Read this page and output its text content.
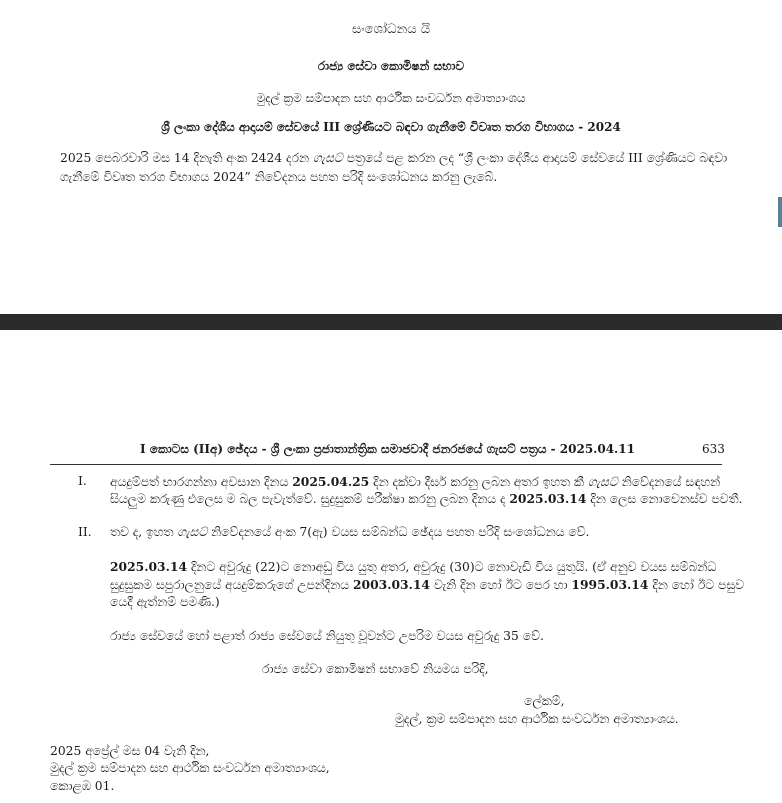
සංශෝධනය යි
රාජ්‍ය සේවා කොමිෂන් සභාව
මුදල් ක්‍රම සම්පාදන සහ ආර්ථික සංවර්ධන අමාත්‍යාංශය
ශ්‍රී ලංකා දේශීය ආදායම් සේවයේ III ශ්‍රේණියට බඳවා ගැනීමේ විවෘත තරග විභාගය - 2024
2025 පෙබරවාරි මස 14 දිනැති අංක 2424 දරන ගැසට් පත්‍රයේ පළ කරන ලද “ශ්‍රී ලංකා දේශීය ආදායම් සේවයේ III ශ්‍රේණියට බඳවා
ගැනීමේ විවෘත තරග විභාගය 2024” නිවේදනය පහත පරිදි සංශෝධනය කරනු ලැබේ.
I කොටස (IIඅ) ඡේදය - ශ්‍රී ලංකා ප්‍රජාතාන්ත්‍රික සමාජවාදී ජනරජයේ ගැසට් පත්‍රය - 2025.04.11	633
I. අයදුම්පත් භාරගන්නා අවසාන දිනය 2025.04.25 දින දක්වා දීර්ඝ කරනු ලබන අතර ඉහත කී ගැසට් නිවේදනයේ සඳහන්
සියලුම කරුණු එලෙස ම බල පැවැත්වේ. සුදුසුකම් පරීක්ෂා කරනු ලබන දිනය ද 2025.03.14 දින ලෙස නොවෙනස්ව පවතී.
II. තව ද, ඉහත ගැසට් නිවේදනයේ අංක 7(ඇ) වයස සම්බන්ධ ඡේදය පහත පරිදි සංශෝධනය වේ.
2025.03.14 දිනට අවුරුදු (22)ට නොඅඩු විය යුතු අතර, අවුරුදු (30)ට නොවැඩි විය යුතුයි. (ඒ අනුව වයස සම්බන්ධ
සුදුසුකම සපුරාලනුයේ අයදුම්කරුගේ උපන්දිනය 2003.03.14 වැනි දින හෝ ඊට පෙර හා 1995.03.14 දින හෝ ඊට පසුව
යෙදී ඇත්නම් පමණි.)
රාජ්‍ය සේවයේ හෝ පළාත් රාජ්‍ය සේවයේ නියුතු වූවන්ට උපරිම වයස අවුරුදු 35 වේ.
රාජ්‍ය සේවා කොමිෂන් සභාවේ නියමය පරිදි,
ලේකම්,
මුදල්, ක්‍රම සම්පාදන සහ ආර්ථික සංවර්ධන අමාත්‍යාංශය.
2025 අප්‍රේල් මස 04 වැනි දින,
මුදල් ක්‍රම සම්පාදන සහ ආර්ථික සංවර්ධන අමාත්‍යාංශය,
කොළඹ 01.
